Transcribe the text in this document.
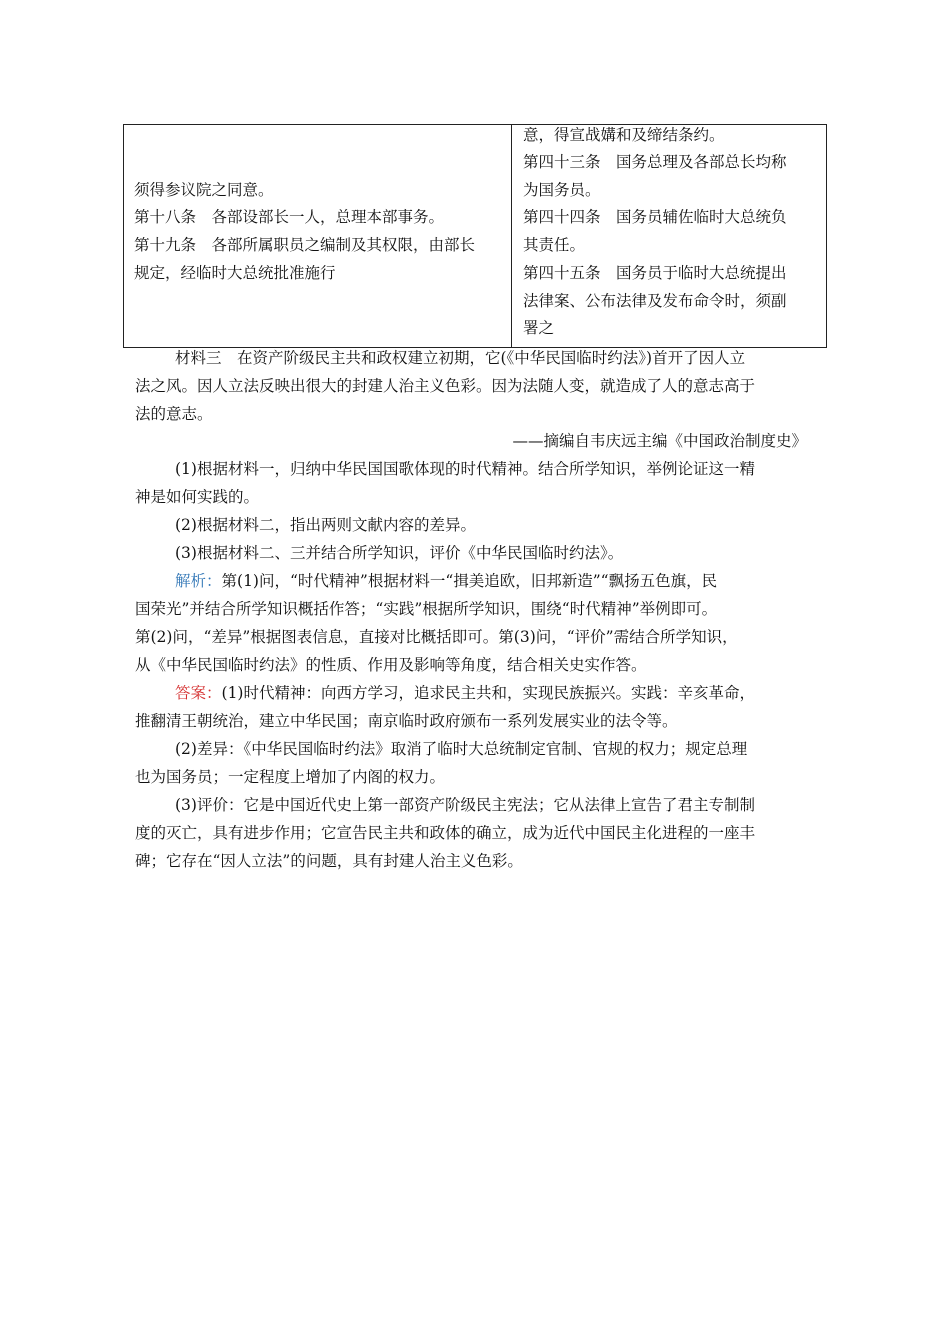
须得参议院之同意。
第十八条　各部设部长一人，总理本部事务。
第十九条　各部所属职员之编制及其权限，由部长
规定，经临时大总统批准施行
意，得宣战媾和及缔结条约。
第四十三条　国务总理及各部总长均称
为国务员。
第四十四条　国务员辅佐临时大总统负
其责任。
第四十五条　国务员于临时大总统提出
法律案、公布法律及发布命令时，须副
署之
材料三　在资产阶级民主共和政权建立初期，它(《中华民国临时约法》)首开了因人立
法之风。因人立法反映出很大的封建人治主义色彩。因为法随人变，就造成了人的意志高于
法的意志。
——摘编自韦庆远主编《中国政治制度史》
(1)根据材料一，归纳中华民国国歌体现的时代精神。结合所学知识，举例论证这一精
神是如何实践的。
(2)根据材料二，指出两则文献内容的差异。
(3)根据材料二、三并结合所学知识，评价《中华民国临时约法》。
解析：第(1)问，“时代精神”根据材料一“揖美追欧，旧邦新造”“飘扬五色旗，民
国荣光”并结合所学知识概括作答；“实践”根据所学知识，围绕“时代精神”举例即可。
第(2)问，“差异”根据图表信息，直接对比概括即可。第(3)问，“评价”需结合所学知识，
从《中华民国临时约法》的性质、作用及影响等角度，结合相关史实作答。
答案：(1)时代精神：向西方学习，追求民主共和，实现民族振兴。实践：辛亥革命，
推翻清王朝统治，建立中华民国；南京临时政府颁布一系列发展实业的法令等。
(2)差异：《中华民国临时约法》取消了临时大总统制定官制、官规的权力；规定总理
也为国务员；一定程度上增加了内阁的权力。
(3)评价：它是中国近代史上第一部资产阶级民主宪法；它从法律上宣告了君主专制制
度的灭亡，具有进步作用；它宣告民主共和政体的确立，成为近代中国民主化进程的一座丰
碑；它存在“因人立法”的问题，具有封建人治主义色彩。
